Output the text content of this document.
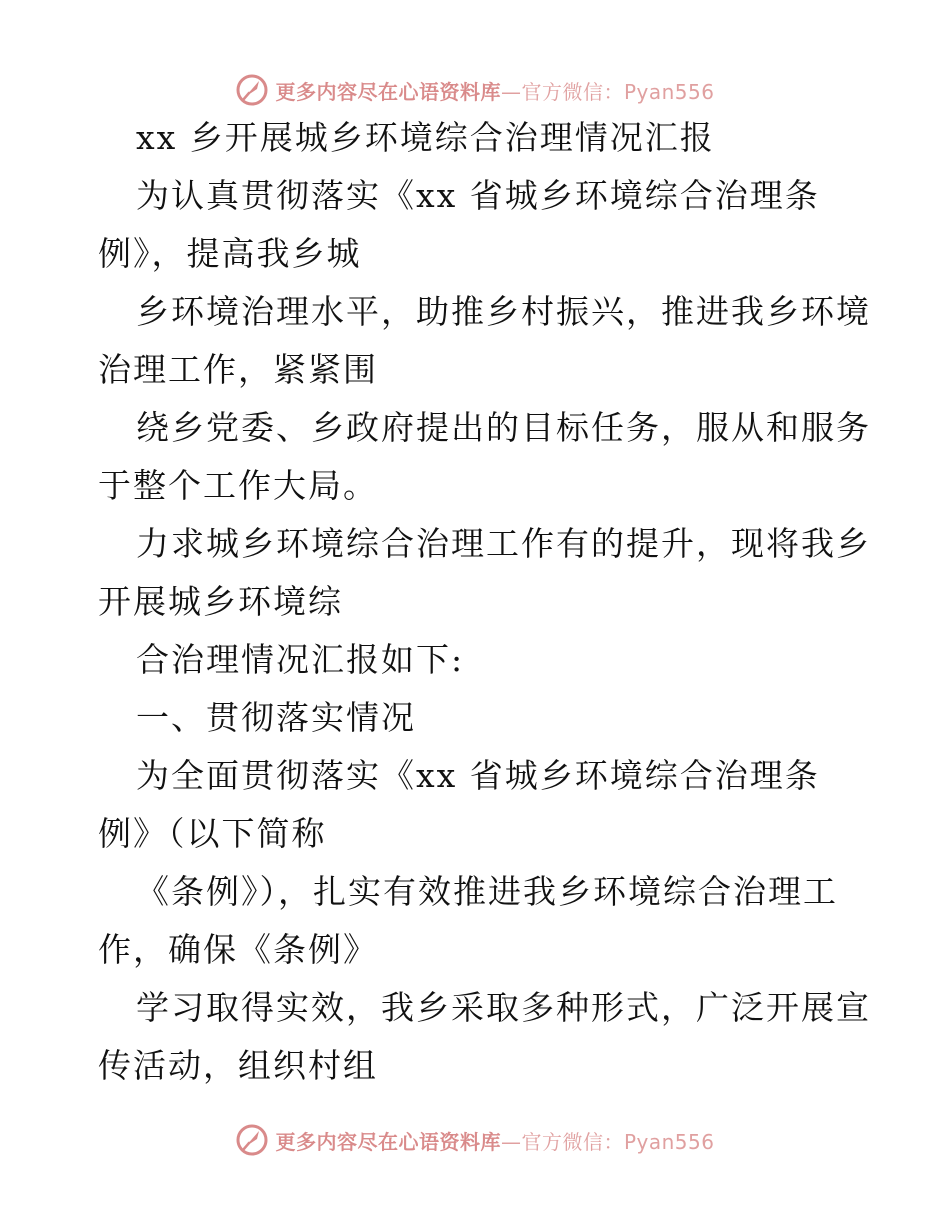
更多内容尽在心语资料库—官方微信：Pyan556
xx 乡开展城乡环境综合治理情况汇报
为认真贯彻落实《xx 省城乡环境综合治理条
例》，提高我乡城
乡环境治理水平，助推乡村振兴，推进我乡环境
治理工作，紧紧围
绕乡党委、乡政府提出的目标任务，服从和服务
于整个工作大局。
力求城乡环境综合治理工作有的提升，现将我乡
开展城乡环境综
合治理情况汇报如下:
一、贯彻落实情况
为全面贯彻落实《xx 省城乡环境综合治理条
例》（以下简称
《条例》），扎实有效推进我乡环境综合治理工
作，确保《条例》
学习取得实效，我乡采取多种形式，广泛开展宣
传活动，组织村组
更多内容尽在心语资料库—官方微信：Pyan556
